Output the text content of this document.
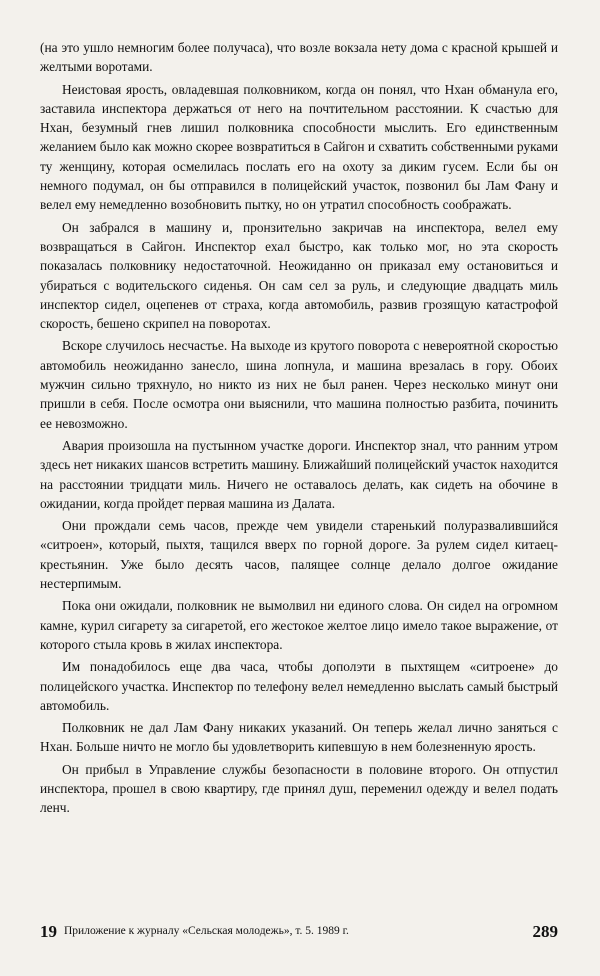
(на это ушло немногим более получаса), что возле вокзала нету дома с красной крышей и желтыми воротами.

Неистовая ярость, овладевшая полковником, когда он понял, что Нхан обманула его, заставила инспектора держаться от него на почтительном расстоянии. К счастью для Нхан, безумный гнев лишил полковника способности мыслить. Его единственным желанием было как можно скорее возвратиться в Сайгон и схватить собственными руками ту женщину, которая осмелилась послать его на охоту за диким гусем. Если бы он немного подумал, он бы отправился в полицейский участок, позвонил бы Лам Фану и велел ему немедленно возобновить пытку, но он утратил способность соображать.

Он забрался в машину и, пронзительно закричав на инспектора, велел ему возвращаться в Сайгон. Инспектор ехал быстро, как только мог, но эта скорость показалась полковнику недостаточной. Неожиданно он приказал ему остановиться и убираться с водительского сиденья. Он сам сел за руль, и следующие двадцать миль инспектор сидел, оцепенев от страха, когда автомобиль, развив грозящую катастрофой скорость, бешено скрипел на поворотах.

Вскоре случилось несчастье. На выходе из крутого поворота с невероятной скоростью автомобиль неожиданно занесло, шина лопнула, и машина врезалась в гору. Обоих мужчин сильно тряхнуло, но никто из них не был ранен. Через несколько минут они пришли в себя. После осмотра они выяснили, что машина полностью разбита, починить ее невозможно.

Авария произошла на пустынном участке дороги. Инспектор знал, что ранним утром здесь нет никаких шансов встретить машину. Ближайший полицейский участок находится на расстоянии тридцати миль. Ничего не оставалось делать, как сидеть на обочине в ожидании, когда пройдет первая машина из Далата.

Они прождали семь часов, прежде чем увидели старенький полуразвалившийся «ситроен», который, пыхтя, тащился вверх по горной дороге. За рулем сидел китаец-крестьянин. Уже было десять часов, палящее солнце делало долгое ожидание нестерпимым.

Пока они ожидали, полковник не вымолвил ни единого слова. Он сидел на огромном камне, курил сигарету за сигаретой, его жестокое желтое лицо имело такое выражение, от которого стыла кровь в жилах инспектора.

Им понадобилось еще два часа, чтобы дополэти в пыхтящем «ситроене» до полицейского участка. Инспектор по телефону велел немедленно выслать самый быстрый автомобиль.

Полковник не дал Лам Фану никаких указаний. Он теперь желал лично заняться с Нхан. Больше ничто не могло бы удовлетворить кипевшую в нем болезненную ярость.

Он прибыл в Управление службы безопасности в половине второго. Он отпустил инспектора, прошел в свою квартиру, где принял душ, переменил одежду и велел подать ленч.

19 Приложение к журналу «Сельская молодежь», т. 5. 1989 г.	289
